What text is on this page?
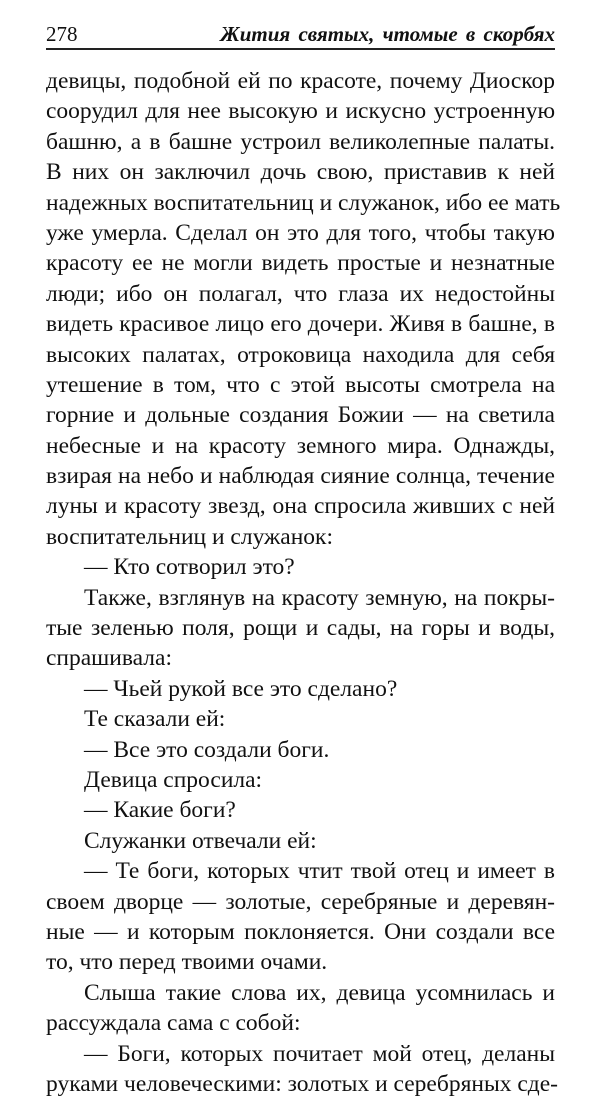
278	Жития святых, чтомые в скорбях
девицы, подобной ей по красоте, почему Диоскор
соорудил для нее высокую и искусно устроенную
башню, а в башне устроил великолепные палаты.
В них он заключил дочь свою, приставив к ней
надежных воспитательниц и служанок, ибо ее мать
уже умерла. Сделал он это для того, чтобы такую
красоту ее не могли видеть простые и незнатные
люди; ибо он полагал, что глаза их недостойны
видеть красивое лицо его дочери. Живя в башне, в
высоких палатах, отроковица находила для себя
утешение в том, что с этой высоты смотрела на
горние и дольные создания Божии — на светила
небесные и на красоту земного мира. Однажды,
взирая на небо и наблюдая сияние солнца, течение
луны и красоту звезд, она спросила живших с ней
воспитательниц и служанок:
— Кто сотворил это?
Также, взглянув на красоту земную, на покры-
тые зеленью поля, рощи и сады, на горы и воды,
спрашивала:
— Чьей рукой все это сделано?
Те сказали ей:
— Все это создали боги.
Девица спросила:
— Какие боги?
Служанки отвечали ей:
— Те боги, которых чтит твой отец и имеет в
своем дворце — золотые, серебряные и деревян-
ные — и которым поклоняется. Они создали все
то, что перед твоими очами.
Слыша такие слова их, девица усомнилась и
рассуждала сама с собой:
— Боги, которых почитает мой отец, деланы
руками человеческими: золотых и серебряных сде-
